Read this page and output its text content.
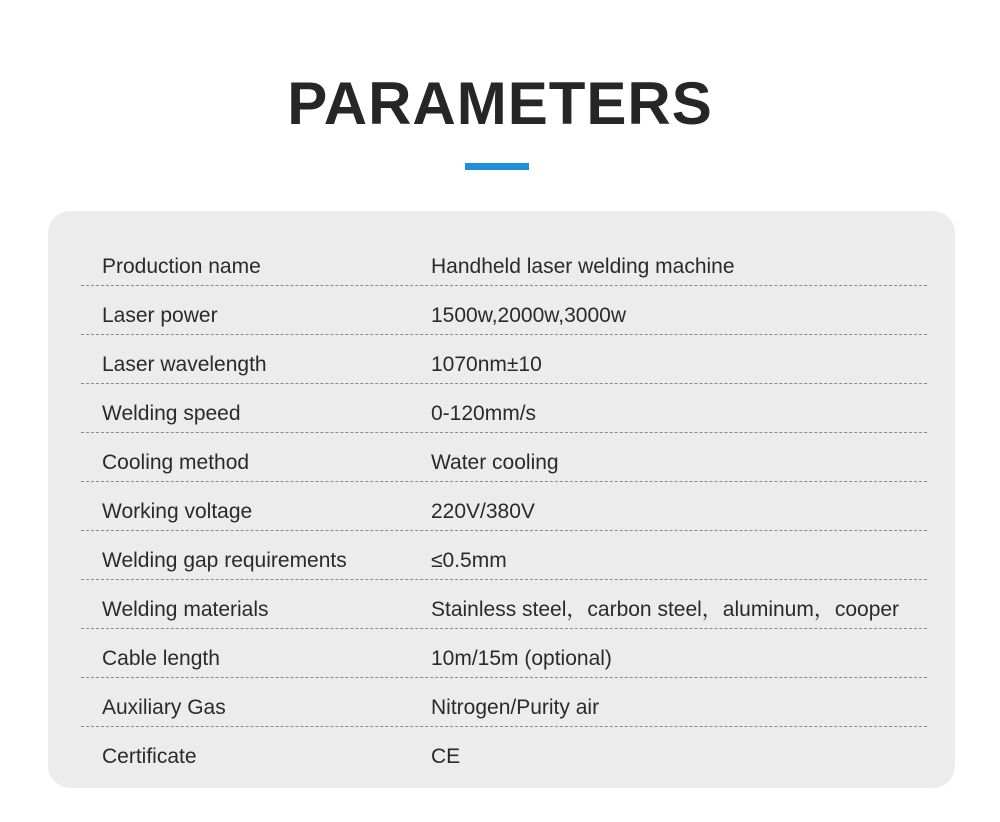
PARAMETERS
Production name	Handheld laser welding machine
Laser power	1500w,2000w,3000w
Laser wavelength	1070nm±10
Welding speed	0-120mm/s
Cooling method	Water cooling
Working voltage	220V/380V
Welding gap requirements	≤0.5mm
Welding materials	Stainless steel，carbon steel，aluminum，cooper
Cable length	10m/15m (optional)
Auxiliary Gas	Nitrogen/Purity air
Certificate	CE
